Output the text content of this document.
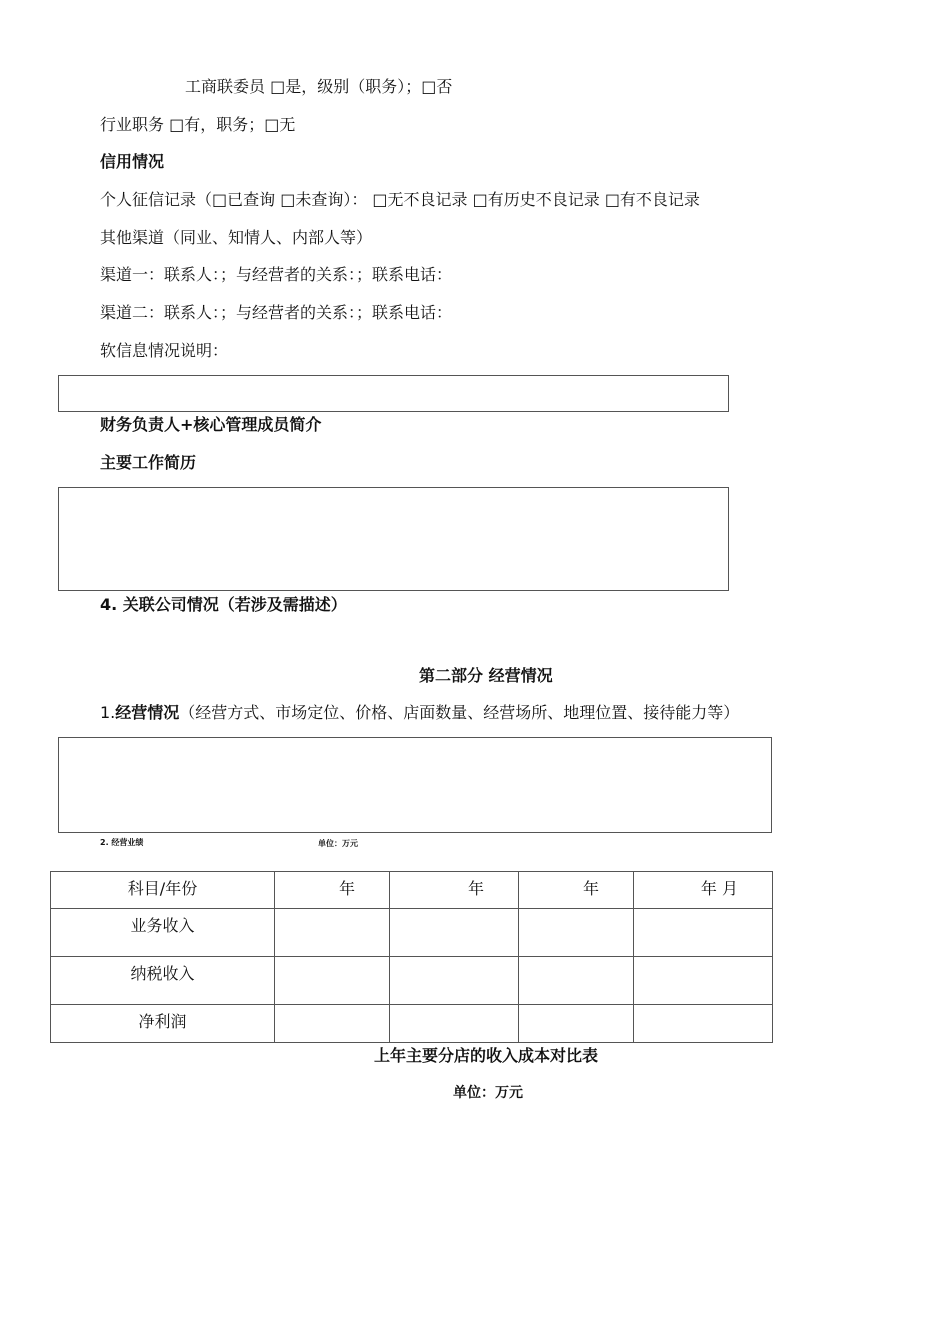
工商联委员 □是，级别（职务）；□否
行业职务 □有，职务；□无
信用情况
个人征信记录（□已查询 □未查询）： □无不良记录 □有历史不良记录 □有不良记录
其他渠道（同业、知情人、内部人等）
渠道一：联系人：；与经营者的关系：；联系电话：
渠道二：联系人：；与经营者的关系：；联系电话：
软信息情况说明：
财务负责人+核心管理成员简介
主要工作简历
4. 关联公司情况（若涉及需描述）
第二部分 经营情况
1.经营情况（经营方式、市场定位、价格、店面数量、经营场所、地理位置、接待能力等）
2. 经营业绩	单位：万元
科目/年份	年	年	年	年 月
业务收入				
纳税收入				
净利润				
上年主要分店的收入成本对比表
单位：万元
